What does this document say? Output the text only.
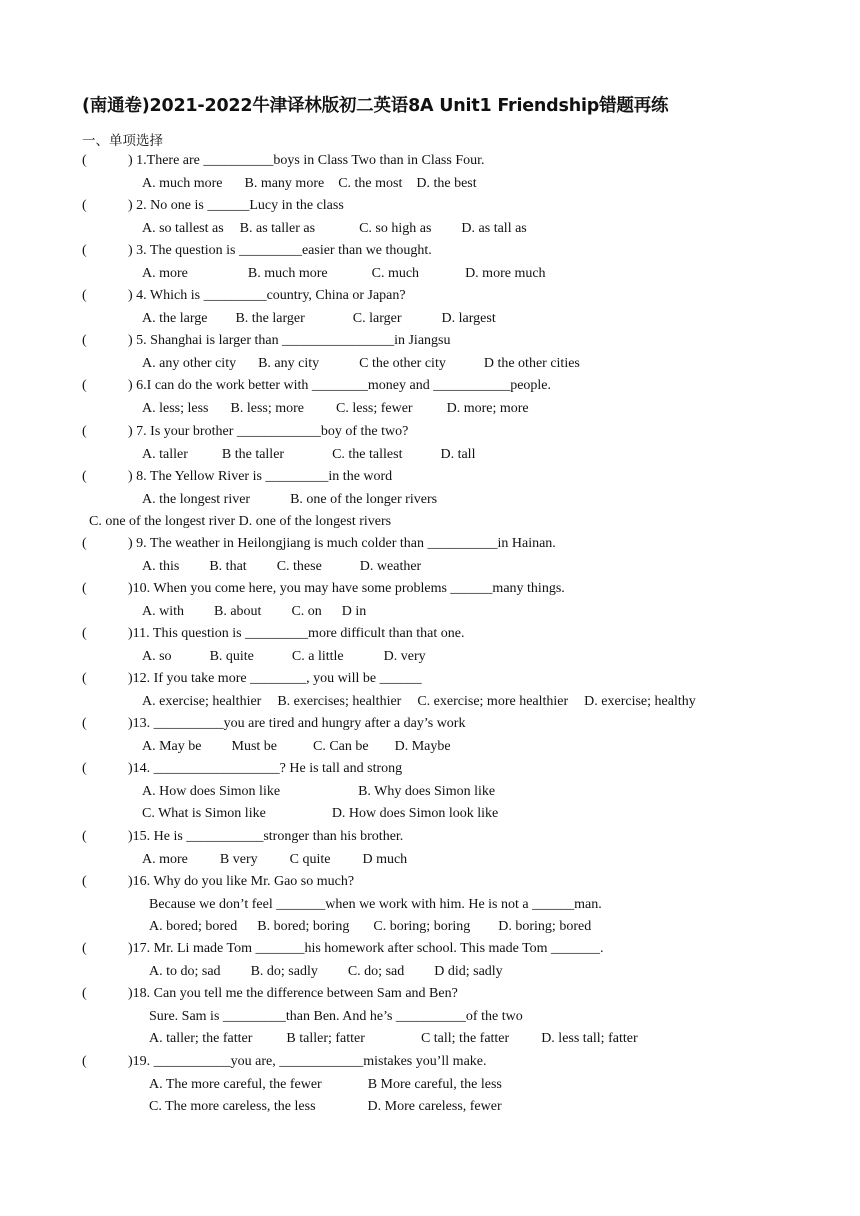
(南通卷)2021-2022牛津译林版初二英语8A Unit1 Friendship错题再练
一、单项选择
(	) 1.There are __________boys in Class Two than in Class Four.
A. much more B. many more C. the most D. the best
(	) 2. No one is ______Lucy in the class
A. so tallest as B. as taller as	C. so high as D. as tall as
(	) 3. The question is _________easier than we thought.
A. more	B. much more	C. much	D. more much
(	) 4. Which is _________country, China or Japan?
A. the large B. the larger	C. larger	D. largest
(	) 5. Shanghai is larger than ________________in Jiangsu
A. any other city B. any city	C the other city	D the other cities
(	) 6.I can do the work better with ________money and ___________people.
A. less; less B. less; more C. less; fewer D. more; more
(	) 7. Is your brother ____________boy of the two?
A. taller B the taller	C. the tallest	D. tall
(	) 8. The Yellow River is _________in the word
A. the longest river	B. one of the longer rivers
C. one of the longest river D. one of the longest rivers
(	) 9. The weather in Heilongjiang is much colder than __________in Hainan.
A. this B. that C. these	D. weather
(	)10. When you come here, you may have some problems ______many things.
A. with B. about C. on D in
(	)11. This question is _________more difficult than that one.
A. so	B. quite	C. a little	D. very
(	)12. If you take more ________, you will be ______
A. exercise; healthier B. exercises; healthier C. exercise; more healthier D. exercise; healthy
(	)13. __________you are tired and hungry after a day’s work
A. May be Must be	C. Can be D. Maybe
(	)14. __________________? He is tall and strong
A. How does Simon like	B. Why does Simon like
C. What is Simon like	D. How does Simon look like
(	)15. He is ___________stronger than his brother.
A. more B very C quite D much
(	)16. Why do you like Mr. Gao so much?
Because we don’t feel _______when we work with him. He is not a ______man.
A. bored; bored B. bored; boring C. boring; boring D. boring; bored
(	)17. Mr. Li made Tom _______his homework after school. This made Tom _______.
A. to do; sad B. do; sadly C. do; sad D did; sadly
(	)18. Can you tell me the difference between Sam and Ben?
Sure. Sam is _________than Ben. And he’s __________of the two
A. taller; the fatter B taller; fatter	C tall; the fatter D. less tall; fatter
(	)19. ___________you are, ____________mistakes you’ll make.
A. The more careful, the fewer	B More careful, the less
C. The more careless, the less	D. More careless, fewer
